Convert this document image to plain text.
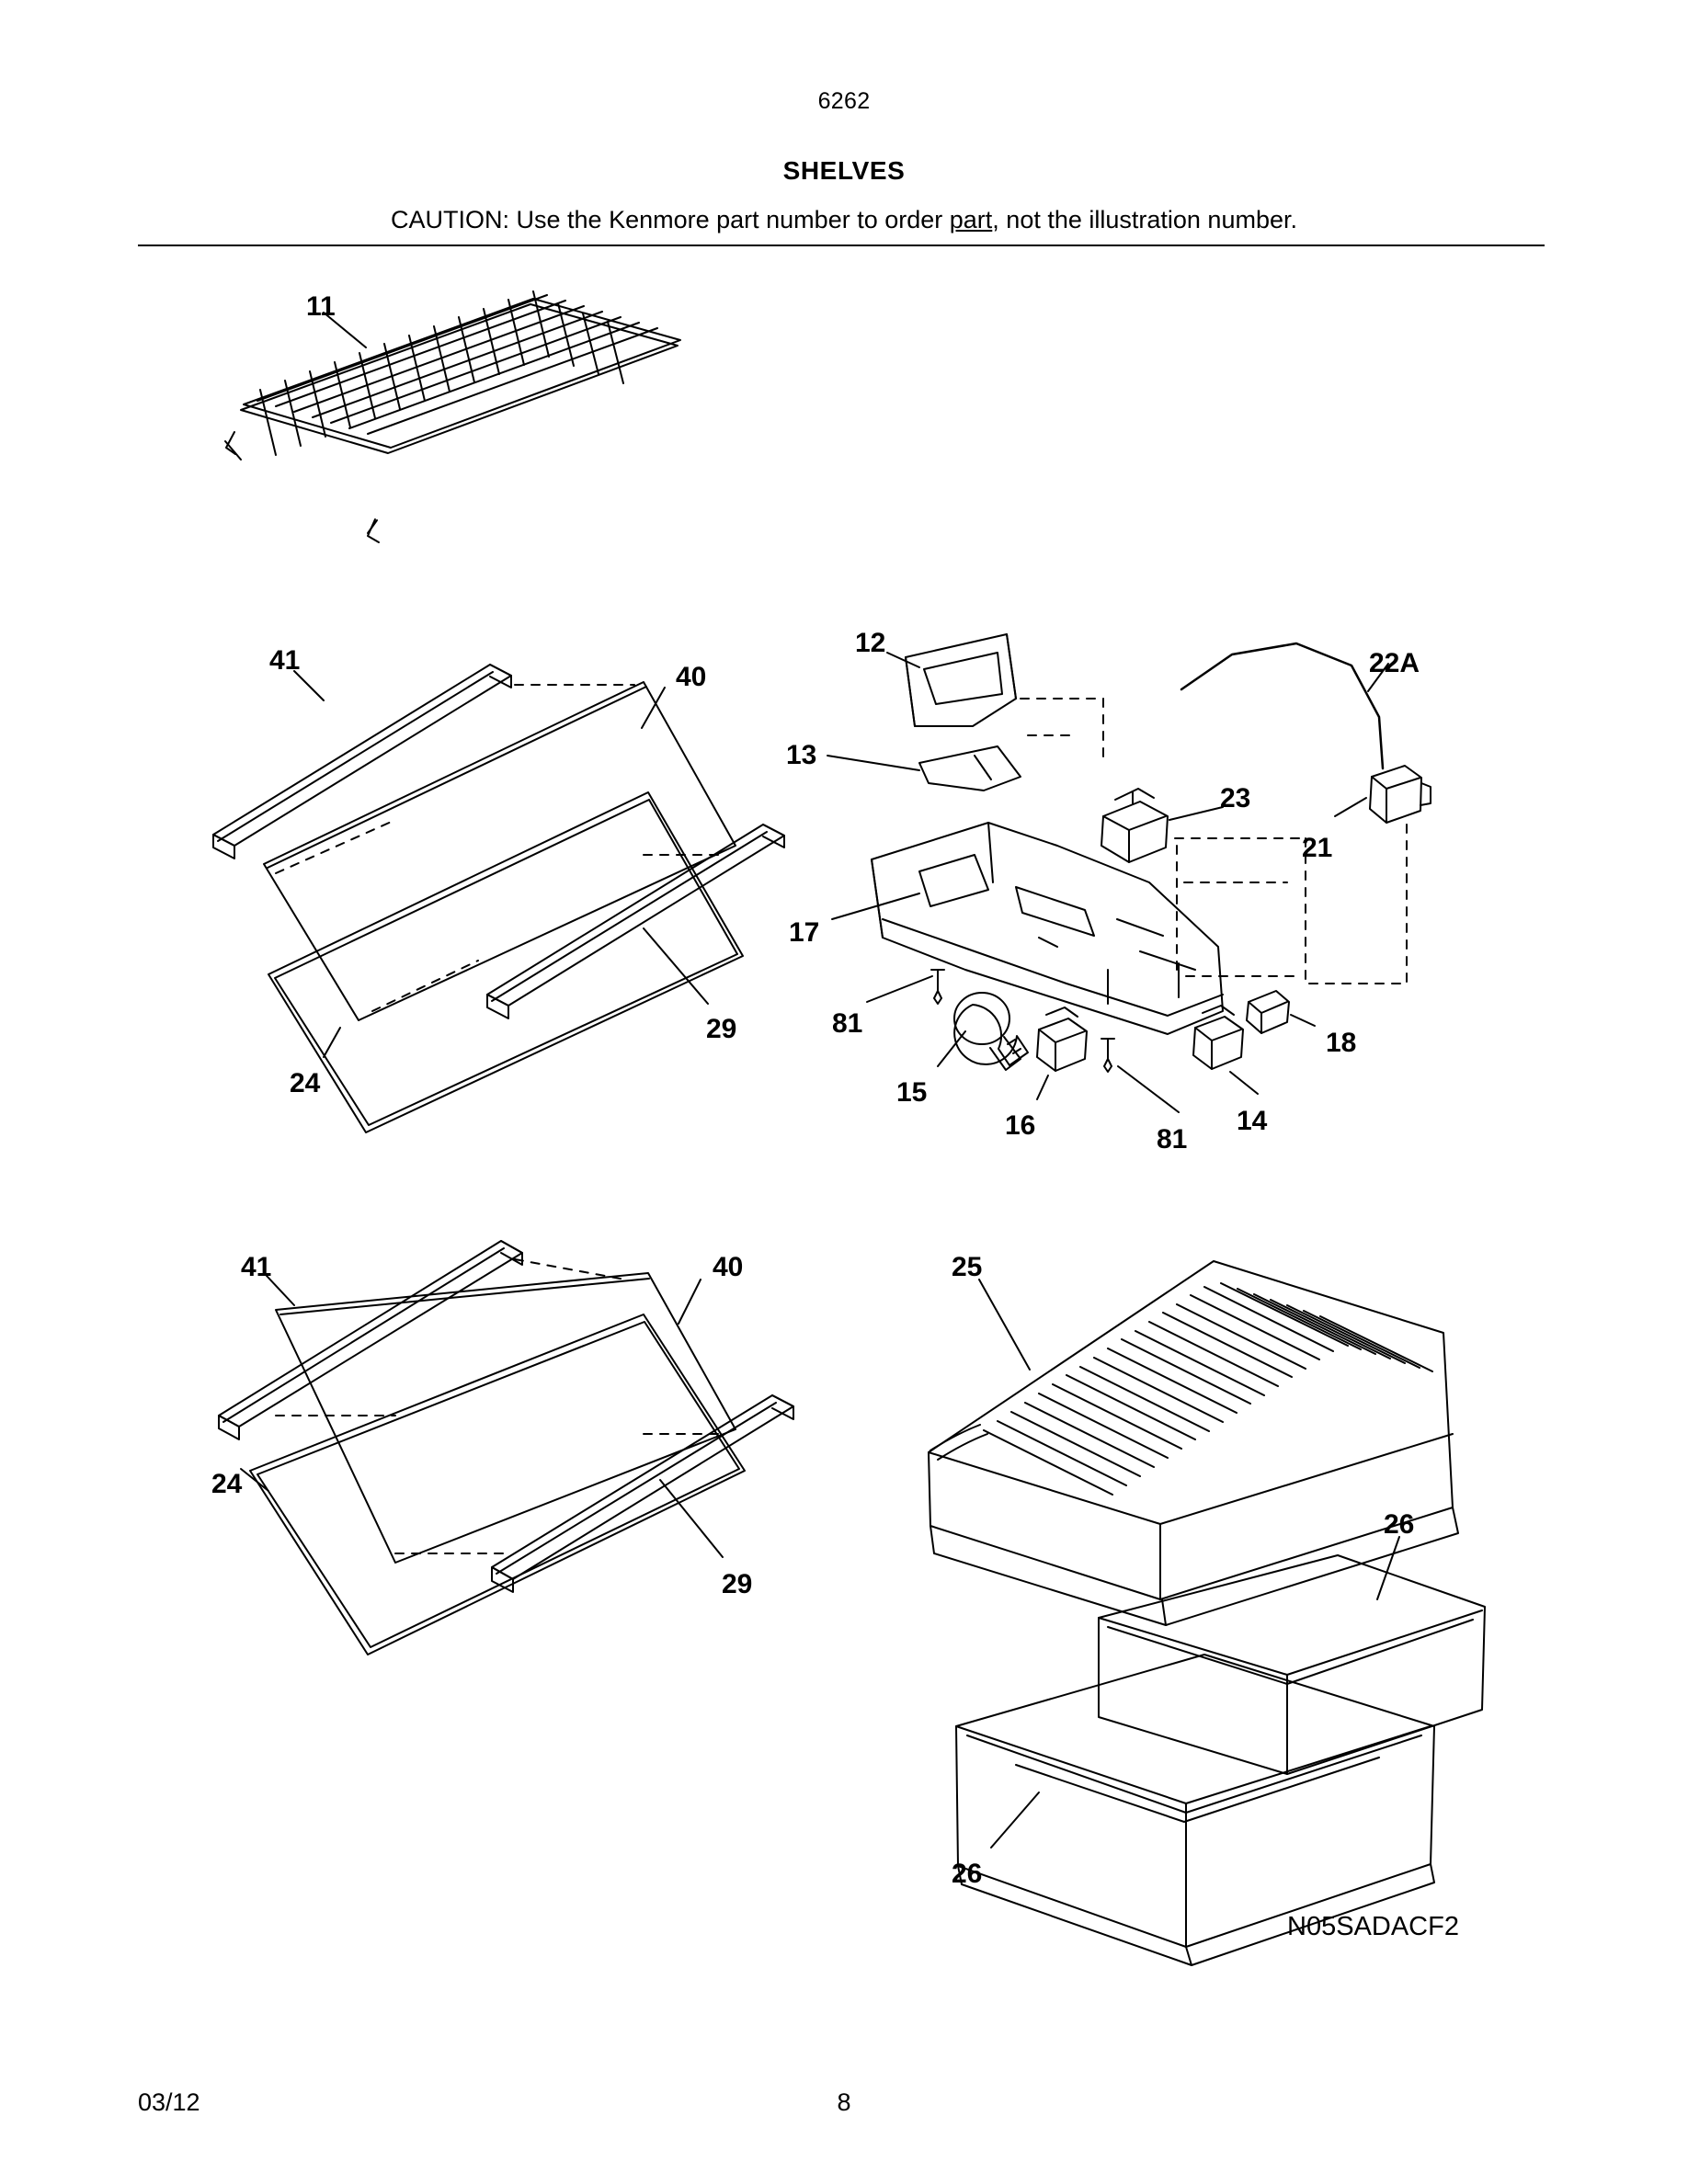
6262
SHELVES
CAUTION: Use the Kenmore part number to order part, not the illustration number.
11
41
40
24
29
12
13
17
81
15
16	81
14
18
23
21
22A
41	40
24
29
25
26
26
N05SADACF2
03/12	8
